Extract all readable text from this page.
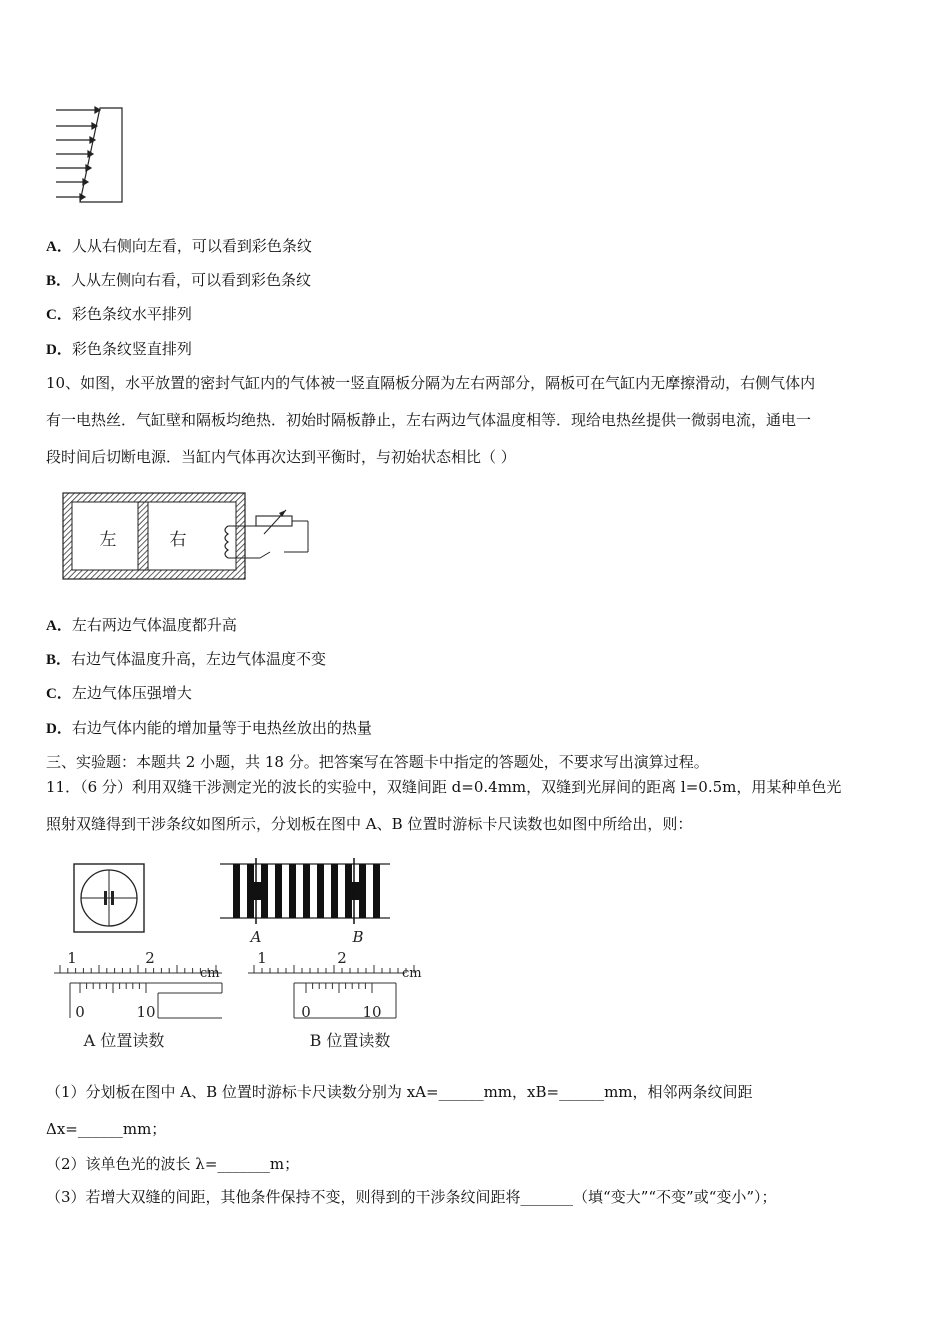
A．人从右侧向左看，可以看到彩色条纹
B．人从左侧向右看，可以看到彩色条纹
C．彩色条纹水平排列
D．彩色条纹竖直排列
10、如图，水平放置的密封气缸内的气体被一竖直隔板分隔为左右两部分，隔板可在气缸内无摩擦滑动，右侧气体内
有一电热丝．气缸壁和隔板均绝热．初始时隔板静止，左右两边气体温度相等．现给电热丝提供一微弱电流，通电一
段时间后切断电源．当缸内气体再次达到平衡时，与初始状态相比（ ）
左	右
A．左右两边气体温度都升高
B．右边气体温度升高，左边气体温度不变
C．左边气体压强增大
D．右边气体内能的增加量等于电热丝放出的热量
三、实验题：本题共 2 小题，共 18 分。把答案写在答题卡中指定的答题处，不要求写出演算过程。
11．（6 分）利用双缝干涉测定光的波长的实验中，双缝间距 d=0.4mm，双缝到光屏间的距离 l=0.5m，用某种单色光
照射双缝得到干涉条纹如图所示，分划板在图中 A、B 位置时游标卡尺读数也如图中所给出，则：
A	B
1	2
cm
0	10
A 位置读数
1	2
cm
0	10
B 位置读数
（1）分划板在图中 A、B 位置时游标卡尺读数分别为 xA=______mm，xB=______mm，相邻两条纹间距
Δx=______mm；
（2）该单色光的波长 λ=_______m；
（3）若增大双缝的间距，其他条件保持不变，则得到的干涉条纹间距将_______（填“变大”“不变”或“变小”）；
